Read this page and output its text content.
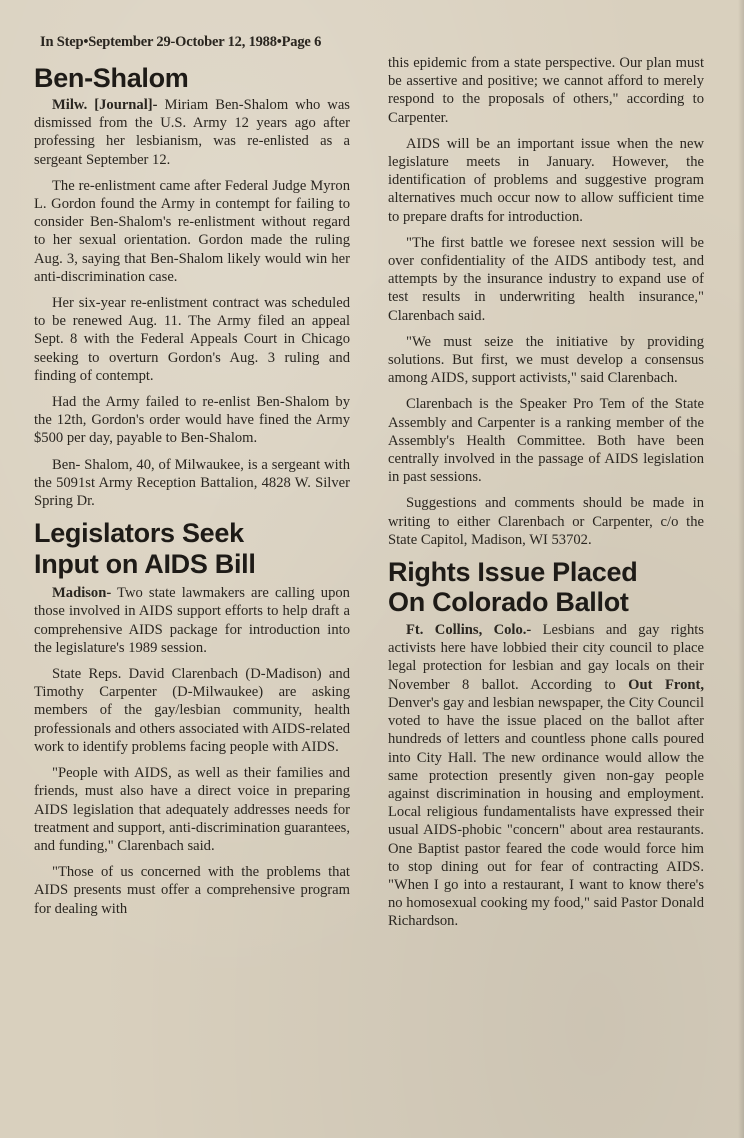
In Step•September 29-October 12, 1988•Page 6
Ben-Shalom

Milw. [Journal]- Miriam Ben-Shalom who was dismissed from the U.S. Army 12 years ago after professing her lesbianism, was re-enlisted as a sergeant September 12.

The re-enlistment came after Federal Judge Myron L. Gordon found the Army in contempt for failing to consider Ben-Shalom's re-enlistment without regard to her sexual orientation. Gordon made the ruling Aug. 3, saying that Ben-Shalom likely would win her anti-discrimination case.

Her six-year re-enlistment contract was scheduled to be renewed Aug. 11. The Army filed an appeal Sept. 8 with the Federal Appeals Court in Chicago seeking to overturn Gordon's Aug. 3 ruling and finding of contempt.

Had the Army failed to re-enlist Ben-Shalom by the 12th, Gordon's order would have fined the Army $500 per day, payable to Ben-Shalom.

Ben- Shalom, 40, of Milwaukee, is a sergeant with the 5091st Army Reception Battalion, 4828 W. Silver Spring Dr.

Legislators Seek
Input on AIDS Bill

Madison- Two state lawmakers are calling upon those involved in AIDS support efforts to help draft a comprehensive AIDS package for introduction into the legislature's 1989 session.

State Reps. David Clarenbach (D-Madison) and Timothy Carpenter (D-Milwaukee) are asking members of the gay/lesbian community, health professionals and others associated with AIDS-related work to identify problems facing people with AIDS.

"People with AIDS, as well as their families and friends, must also have a direct voice in preparing AIDS legislation that adequately addresses needs for treatment and support, anti-discrimination guarantees, and funding," Clarenbach said.

"Those of us concerned with the problems that AIDS presents must offer a comprehensive program for dealing with

this epidemic from a state perspective. Our plan must be assertive and positive; we cannot afford to merely respond to the proposals of others," according to Carpenter.

AIDS will be an important issue when the new legislature meets in January. However, the identification of problems and suggestive program alternatives much occur now to allow sufficient time to prepare drafts for introduction.

"The first battle we foresee next session will be over confidentiality of the AIDS antibody test, and attempts by the insurance industry to expand use of test results in underwriting health insurance," Clarenbach said.

"We must seize the initiative by providing solutions. But first, we must develop a consensus among AIDS, support activists," said Clarenbach.

Clarenbach is the Speaker Pro Tem of the State Assembly and Carpenter is a ranking member of the Assembly's Health Committee. Both have been centrally involved in the passage of AIDS legislation in past sessions.

Suggestions and comments should be made in writing to either Clarenbach or Carpenter, c/o the State Capitol, Madison, WI 53702.

Rights Issue Placed
On Colorado Ballot

Ft. Collins, Colo.- Lesbians and gay rights activists here have lobbied their city council to place legal protection for lesbian and gay locals on their November 8 ballot. According to Out Front, Denver's gay and lesbian newspaper, the City Council voted to have the issue placed on the ballot after hundreds of letters and countless phone calls poured into City Hall. The new ordinance would allow the same protection presently given non-gay people against discrimination in housing and employment. Local religious fundamentalists have expressed their usual AIDS-phobic "concern" about area restaurants. One Baptist pastor feared the code would force him to stop dining out for fear of contracting AIDS. "When I go into a restaurant, I want to know there's no homosexual cooking my food," said Pastor Donald Richardson.
